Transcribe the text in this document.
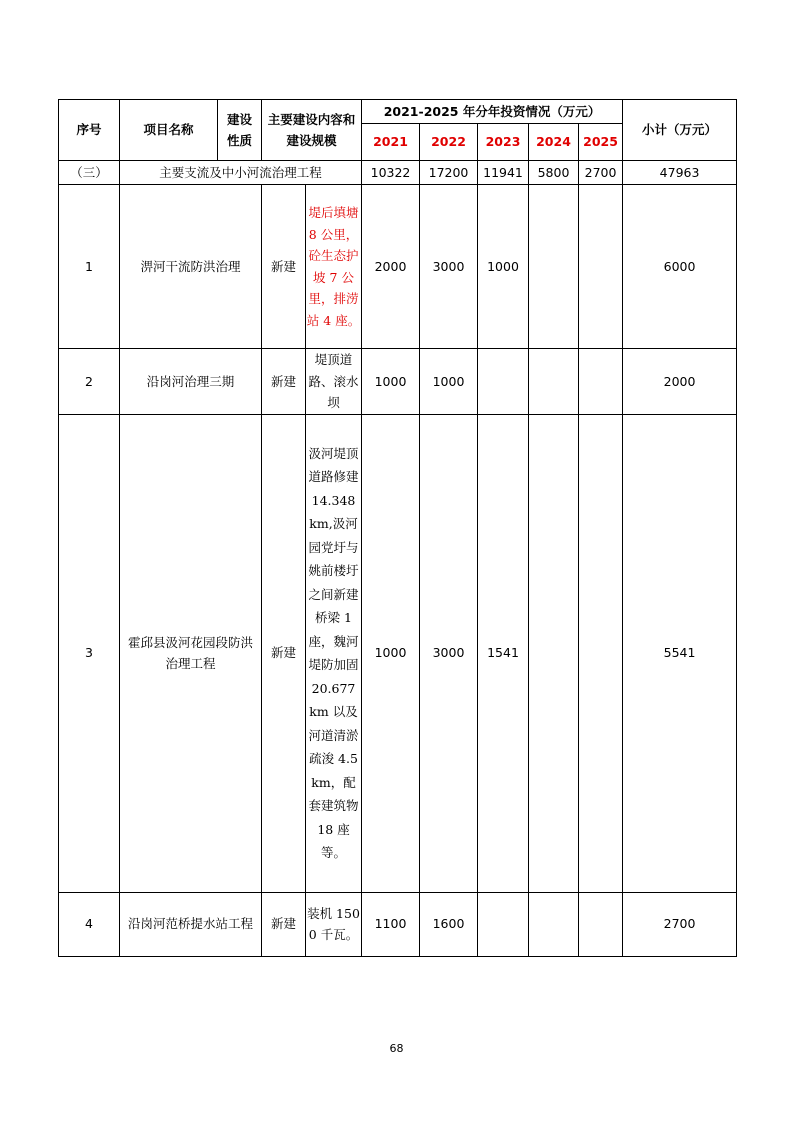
序号	项目名称	建设性质	主要建设内容和建设规模		2021-2025 年分年投资情况（万元）					小计（万元）
					2021	2022	2023	2024	2025	
（三）	主要支流及中小河流治理工程				10322	17200	11941	5800	2700	47963
1	淠河干流防洪治理		新建	堤后填塘 8 公里，砼生态护坡 7 公里，排涝站 4 座。	2000	3000	1000			6000
2	沿岗河治理三期		新建	堤顶道路、滚水坝	1000	1000				2000
3	霍邱县汲河花园段防洪治理工程		新建	汲河堤顶道路修建 14.348 km,汲河园党圩与姚前楼圩之间新建桥梁 1 座，魏河堤防加固 20.677 km 以及河道清淤疏浚 4.5km，配套建筑物 18 座等。	1000	3000	1541			5541
4	沿岗河范桥提水站工程		新建	装机 1500 千瓦。	1100	1600				2700
68
